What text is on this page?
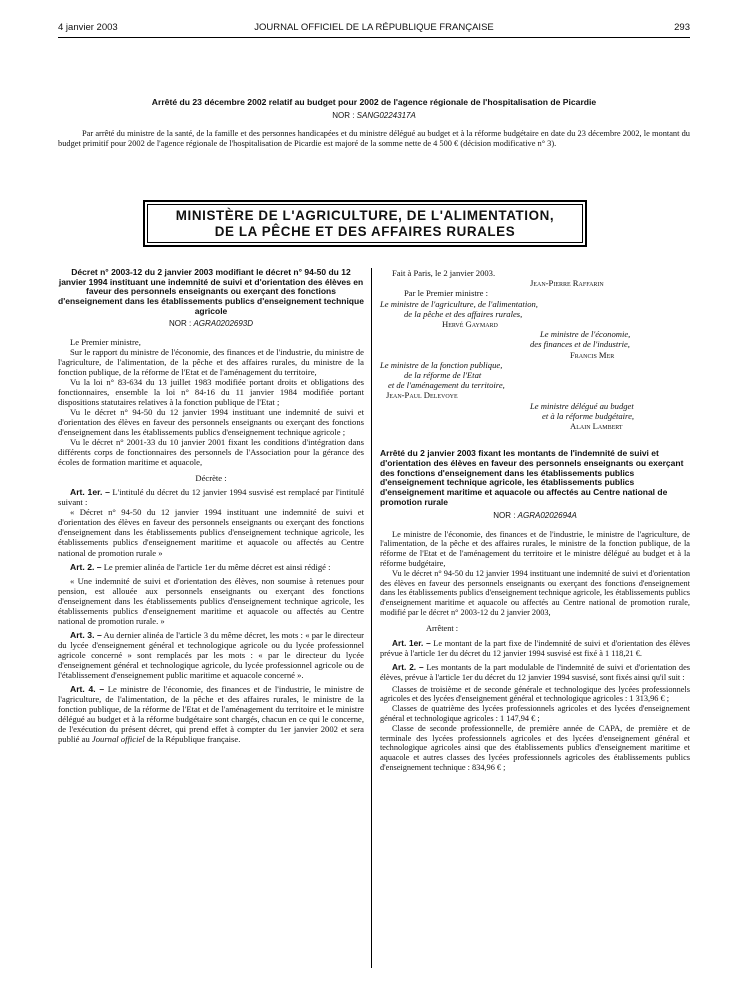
4 janvier 2003	JOURNAL OFFICIEL DE LA RÉPUBLIQUE FRANÇAISE	293
Arrêté du 23 décembre 2002 relatif au budget pour 2002 de l'agence régionale de l'hospitalisation de Picardie
NOR : SANG0224317A

Par arrêté du ministre de la santé, de la famille et des personnes handicapées et du ministre délégué au budget et à la réforme budgétaire en date du 23 décembre 2002, le montant du budget primitif pour 2002 de l'agence régionale de l'hospitalisation de Picardie est majoré de la somme nette de 4 500 € (décision modificative n° 3).

MINISTÈRE DE L'AGRICULTURE, DE L'ALIMENTATION,
DE LA PÊCHE ET DES AFFAIRES RURALES
Décret n° 2003-12 du 2 janvier 2003 modifiant le décret n° 94-50 du 12 janvier 1994 instituant une indemnité de suivi et d'orientation des élèves en faveur des personnels enseignants ou exerçant des fonctions d'enseignement dans les établissements publics d'enseignement technique agricole
NOR : AGRA0202693D

Le Premier ministre,

Sur le rapport du ministre de l'économie, des finances et de l'industrie, du ministre de l'agriculture, de l'alimentation, de la pêche et des affaires rurales, du ministre de la fonction publique, de la réforme de l'Etat et de l'aménagement du territoire,

Vu la loi n° 83-634 du 13 juillet 1983 modifiée portant droits et obligations des fonctionnaires, ensemble la loi n° 84-16 du 11 janvier 1984 modifiée portant dispositions statutaires relatives à la fonction publique de l'Etat ;

Vu le décret n° 94-50 du 12 janvier 1994 instituant une indemnité de suivi et d'orientation des élèves en faveur des personnels enseignants ou exerçant des fonctions d'enseignement dans les établissements publics d'enseignement technique agricole ;

Vu le décret n° 2001-33 du 10 janvier 2001 fixant les conditions d'intégration dans différents corps de fonctionnaires des personnels de l'Association pour la gérance des écoles de formation maritime et aquacole,

Décrète :

Art. 1er. – L'intitulé du décret du 12 janvier 1994 susvisé est remplacé par l'intitulé suivant :

« Décret n° 94-50 du 12 janvier 1994 instituant une indemnité de suivi et d'orientation des élèves en faveur des personnels enseignants ou exerçant des fonctions d'enseignement dans les établissements publics d'enseignement technique agricole, les établissements publics d'enseignement maritime et aquacole ou affectés au Centre national de promotion rurale »

Art. 2. – Le premier alinéa de l'article 1er du même décret est ainsi rédigé :

« Une indemnité de suivi et d'orientation des élèves, non soumise à retenues pour pension, est allouée aux personnels enseignants ou exerçant des fonctions d'enseignement dans les établissements publics d'enseignement technique agricole, les établissements publics d'enseignement maritime et aquacole ou affectés au Centre national de promotion rurale. »

Art. 3. – Au dernier alinéa de l'article 3 du même décret, les mots : « par le directeur du lycée d'enseignement général et technologique agricole ou du lycée professionnel agricole concerné » sont remplacés par les mots : « par le directeur du lycée d'enseignement général et technologique agricole, du lycée professionnel agricole ou de l'établissement d'enseignement public maritime et aquacole concerné ».

Art. 4. – Le ministre de l'économie, des finances et de l'industrie, le ministre de l'agriculture, de l'alimentation, de la pêche et des affaires rurales, le ministre de la fonction publique, de la réforme de l'Etat et de l'aménagement du territoire et le ministre délégué au budget et à la réforme budgétaire sont chargés, chacun en ce qui le concerne, de l'exécution du présent décret, qui prend effet à compter du 1er janvier 2002 et sera publié au Journal officiel de la République française.

Fait à Paris, le 2 janvier 2003.

Jean-Pierre Raffarin

Par le Premier ministre :

Le ministre de l'agriculture, de l'alimentation,

de la pêche et des affaires rurales,

Hervé Gaymard

Le ministre de l'économie,

des finances et de l'industrie,

Francis Mer

Le ministre de la fonction publique,

de la réforme de l'Etat

et de l'aménagement du territoire,

Jean-Paul Delevoye

Le ministre délégué au budget

et à la réforme budgétaire,

Alain Lambert

Arrêté du 2 janvier 2003 fixant les montants de l'indemnité de suivi et d'orientation des élèves en faveur des personnels enseignants ou exerçant des fonctions d'enseignement dans les établissements publics d'enseignement technique agricole, les établissements publics d'enseignement maritime et aquacole ou affectés au Centre national de promotion rurale
NOR : AGRA0202694A

Le ministre de l'économie, des finances et de l'industrie, le ministre de l'agriculture, de l'alimentation, de la pêche et des affaires rurales, le ministre de la fonction publique, de la réforme de l'Etat et de l'aménagement du territoire et le ministre délégué au budget et à la réforme budgétaire,

Vu le décret n° 94-50 du 12 janvier 1994 instituant une indemnité de suivi et d'orientation des élèves en faveur des personnels enseignants ou exerçant des fonctions d'enseignement dans les établissements publics d'enseignement technique agricole, les établissements publics d'enseignement maritime et aquacole ou affectés au Centre national de promotion rurale, modifié par le décret n° 2003-12 du 2 janvier 2003,

Arrêtent :

Art. 1er. – Le montant de la part fixe de l'indemnité de suivi et d'orientation des élèves prévue à l'article 1er du décret du 12 janvier 1994 susvisé est fixé à 1 118,21 €.

Art. 2. – Les montants de la part modulable de l'indemnité de suivi et d'orientation des élèves, prévue à l'article 1er du décret du 12 janvier 1994 susvisé, sont fixés ainsi qu'il suit :

Classes de troisième et de seconde générale et technologique des lycées professionnels agricoles et des lycées d'enseignement général et technologique agricoles : 1 313,96 € ;

Classes de quatrième des lycées professionnels agricoles et des lycées d'enseignement général et technologique agricoles : 1 147,94 € ;

Classe de seconde professionnelle, de première année de CAPA, de première et de terminale des lycées professionnels agricoles et des lycées d'enseignement général et technologique agricoles ainsi que des établissements publics d'enseignement maritime et aquacole et autres classes des lycées professionnels agricoles des établissements publics d'enseignement technique : 834,96 € ;
